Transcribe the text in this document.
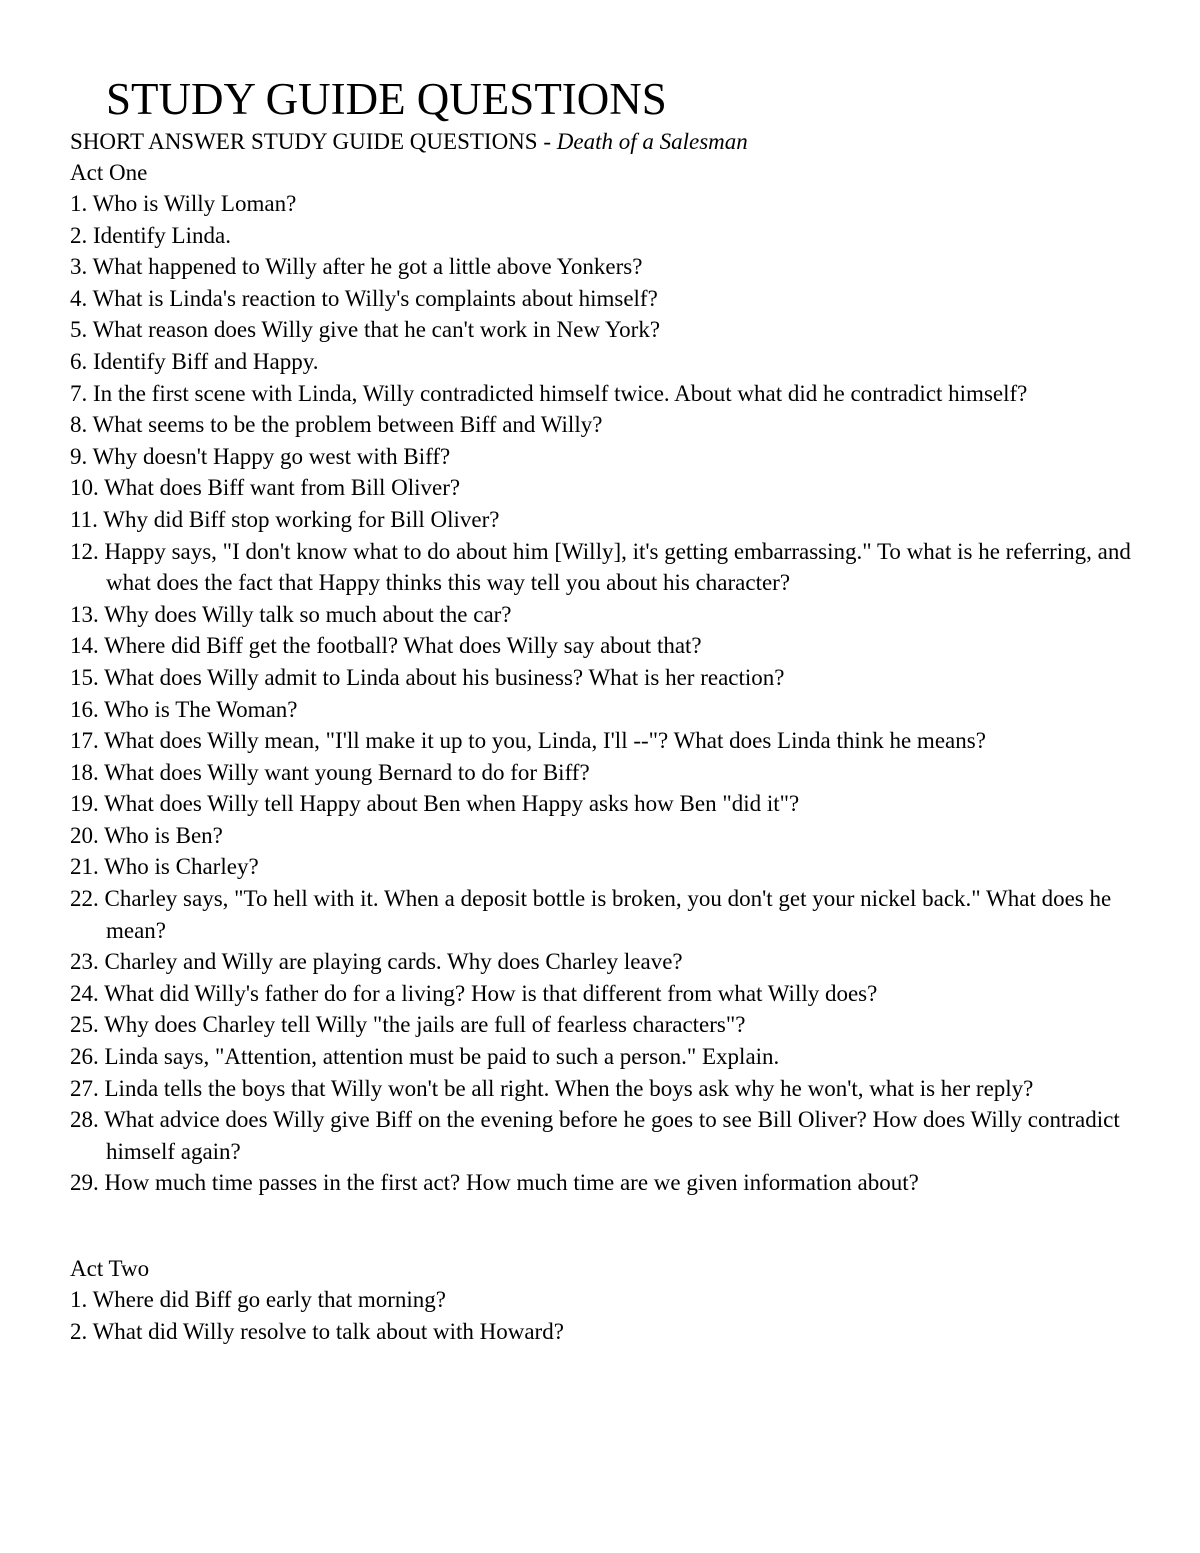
STUDY GUIDE QUESTIONS

SHORT ANSWER STUDY GUIDE QUESTIONS - Death of a Salesman

Act One

1. Who is Willy Loman?
2. Identify Linda.
3. What happened to Willy after he got a little above Yonkers?
4. What is Linda's reaction to Willy's complaints about himself?
5. What reason does Willy give that he can't work in New York?
6. Identify Biff and Happy.
7. In the first scene with Linda, Willy contradicted himself twice. About what did he contradict himself?
8. What seems to be the problem between Biff and Willy?
9. Why doesn't Happy go west with Biff?
10. What does Biff want from Bill Oliver?
11. Why did Biff stop working for Bill Oliver?
12. Happy says, "I don't know what to do about him [Willy], it's getting embarrassing." To what is he referring, and what does the fact that Happy thinks this way tell you about his character?
13. Why does Willy talk so much about the car?
14. Where did Biff get the football? What does Willy say about that?
15. What does Willy admit to Linda about his business? What is her reaction?
16. Who is The Woman?
17. What does Willy mean, "I'll make it up to you, Linda, I'll --"? What does Linda think he means?
18. What does Willy want young Bernard to do for Biff?
19. What does Willy tell Happy about Ben when Happy asks how Ben "did it"?
20. Who is Ben?
21. Who is Charley?
22. Charley says, "To hell with it. When a deposit bottle is broken, you don't get your nickel back." What does he mean?
23. Charley and Willy are playing cards. Why does Charley leave?
24. What did Willy's father do for a living? How is that different from what Willy does?
25. Why does Charley tell Willy "the jails are full of fearless characters"?
26. Linda says, "Attention, attention must be paid to such a person." Explain.
27. Linda tells the boys that Willy won't be all right. When the boys ask why he won't, what is her reply?
28. What advice does Willy give Biff on the evening before he goes to see Bill Oliver? How does Willy contradict himself again?
29. How much time passes in the first act? How much time are we given information about?

Act Two

1. Where did Biff go early that morning?
2. What did Willy resolve to talk about with Howard?
